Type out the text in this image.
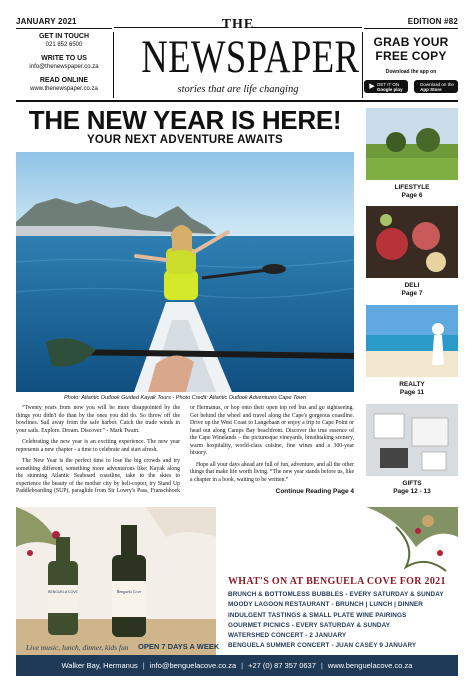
JANUARY 2021	EDITION #82
GET IN TOUCH
021 852 6500
WRITE TO US
info@thenewspaper.co.za
READ ONLINE
www.thenewspaper.co.za
THE
NEWSPAPER
stories that are life changing
GRAB YOUR
FREE COPY
Download the app on
▶ GET IT ON
Google play
Download on the
App Store
THE NEW YEAR IS HERE!
YOUR NEXT ADVENTURE AWAITS
Photo: Atlantic Outlook Guided Kayak Tours - Photo Credit: Atlantic Outlook Adventures Cape Town

“Twenty years from now you will be more disappointed by the things you didn't do than by the ones you did do. So throw off the bowlines. Sail away from the safe harbor. Catch the trade winds in your sails. Explore. Dream. Discover.” - Mark Twain.

Celebrating the new year is an exciting experience. The new year represents a new chapter - a time to celebrate and start afresh.

The New Year is the perfect time to lose the big crowds and try something different, something more adventurous like: Kayak along the stunning Atlantic Seaboard coastline, take to the skies to experience the beauty of the mother city by heli-copter, try Stand Up Paddleboarding (SUP), paraglide from Sir Lowry's Pass, Franschhoek or Hermanus, or hop onto their open top red bus and go sightseeing. Get behind the wheel and travel along the Cape's gorgeous coastline. Drive up the West Coast to Langebaan or enjoy a trip to Cape Point or head out along Camps Bay beachfront. Discover the true essence of the Cape Winelands – the picturesque vineyards, breathtaking scenery, warm hospitality, world-class cuisine, fine wines and a 300-year history.

Hope all your days ahead are full of fun, adventure, and all the other things that make life worth living. “The new year stands before us, like a chapter in a book, waiting to be written.”

Continue Reading Page 4

LIFESTYLE
Page 6
DELI
Page 7
REALTY
Page 11
GIFTS
Page 12 - 13
Benguela Cove
BENGUELA COVE
WHAT'S ON AT BENGUELA COVE FOR 2021
BRUNCH & BOTTOMLESS BUBBLES - EVERY SATURDAY & SUNDAY
MOODY LAGOON RESTAURANT - BRUNCH | LUNCH | DINNER
INDULGENT TASTINGS & SMALL PLATE WINE PAIRINGS
GOURMET PICNICS - EVERY SATURDAY & SUNDAY
WATERSHED CONCERT - 2 JANUARY
BENGUELA SUMMER CONCERT - JUAN CASEY 9 JANUARY
Live music, lunch, dinner, kids fun OPEN 7 DAYS A WEEK
Walker Bay, Hermanus | info@benguelacove.co.za | +27 (0) 87 357 0637 | www.benguelacove.co.za
